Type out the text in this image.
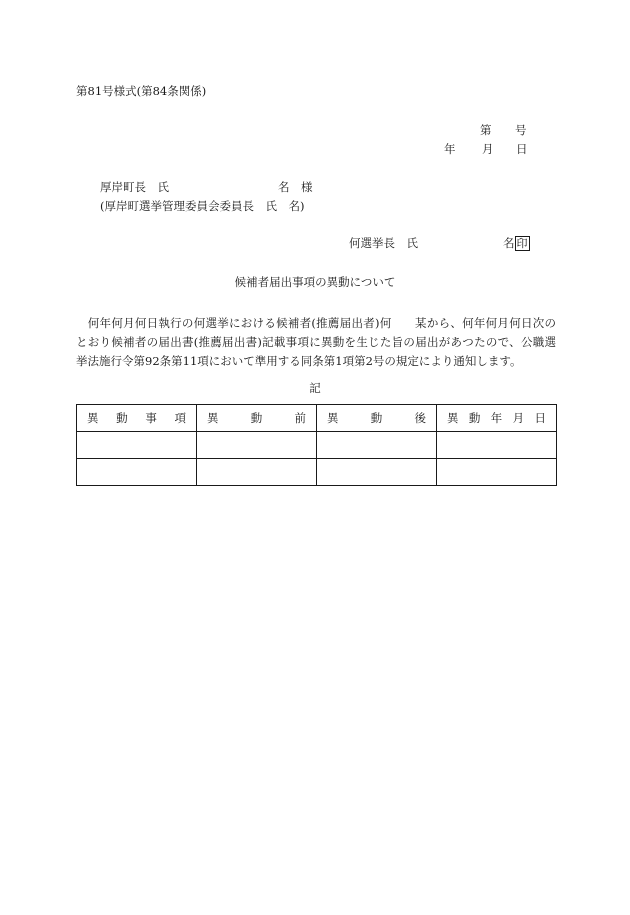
第81号様式(第84条関係)
第 号
年 月 日
厚岸町長　氏	名　様
(厚岸町選挙管理委員会委員長　氏　名)
何選挙長　氏	名 印
候補者届出事項の異動について
　何年何月何日執行の何選挙における候補者(推薦届出者)何　　某から、何年何月何日次のとおり候補者の届出書(推薦届出書)記載事項に異動を生じた旨の届出があつたので、公職選挙法施行令第92条第11項において準用する同条第1項第2号の規定により通知します。
記
異 動 事 項	異 動 前	異 動 後	異 動 年 月 日
